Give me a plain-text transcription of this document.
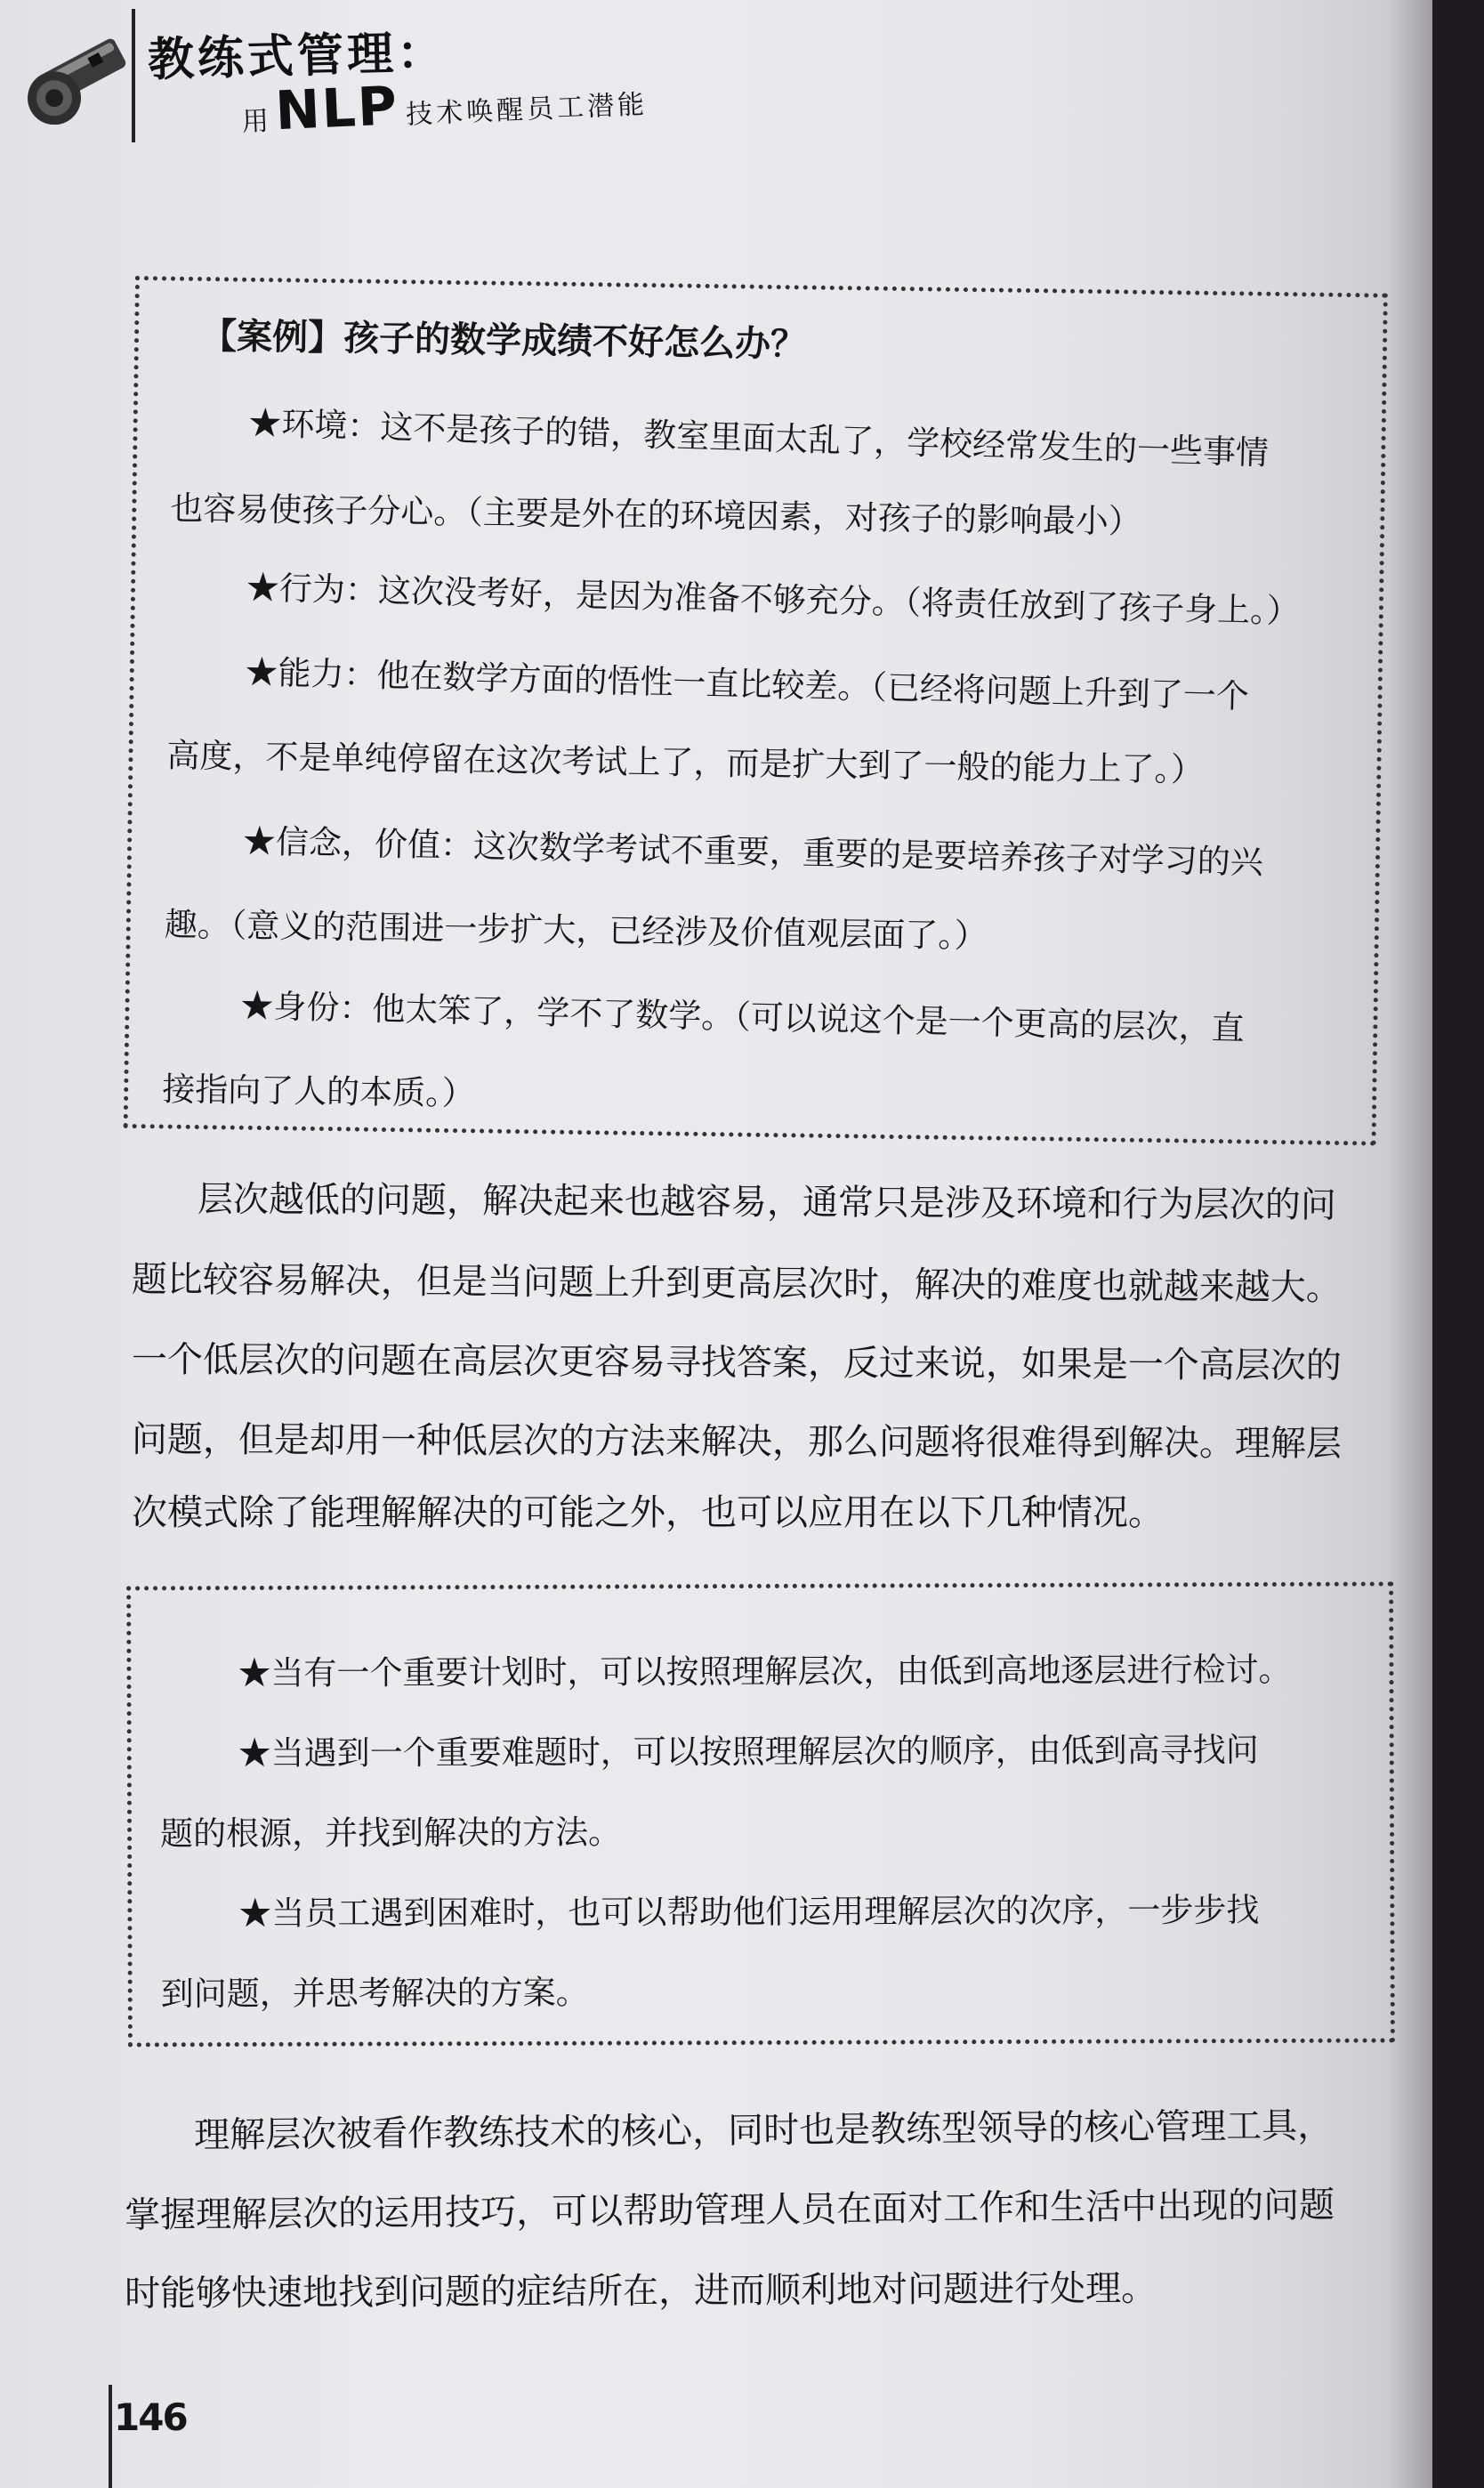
教练式管理：
用NLP 技术唤醒员工潜能
【案例】孩子的数学成绩不好怎么办？
★环境：这不是孩子的错，教室里面太乱了，学校经常发生的一些事情
也容易使孩子分心。（主要是外在的环境因素，对孩子的影响最小）
★行为：这次没考好，是因为准备不够充分。（将责任放到了孩子身上。）
★能力：他在数学方面的悟性一直比较差。（已经将问题上升到了一个
高度，不是单纯停留在这次考试上了，而是扩大到了一般的能力上了。）
★信念，价值：这次数学考试不重要，重要的是要培养孩子对学习的兴
趣。（意义的范围进一步扩大，已经涉及价值观层面了。）
★身份：他太笨了，学不了数学。（可以说这个是一个更高的层次，直
接指向了人的本质。）
层次越低的问题，解决起来也越容易，通常只是涉及环境和行为层次的问
题比较容易解决，但是当问题上升到更高层次时，解决的难度也就越来越大。
一个低层次的问题在高层次更容易寻找答案，反过来说，如果是一个高层次的
问题，但是却用一种低层次的方法来解决，那么问题将很难得到解决。理解层
次模式除了能理解解决的可能之外，也可以应用在以下几种情况。
★当有一个重要计划时，可以按照理解层次，由低到高地逐层进行检讨。
★当遇到一个重要难题时，可以按照理解层次的顺序，由低到高寻找问
题的根源，并找到解决的方法。
★当员工遇到困难时，也可以帮助他们运用理解层次的次序，一步步找
到问题，并思考解决的方案。
理解层次被看作教练技术的核心，同时也是教练型领导的核心管理工具，
掌握理解层次的运用技巧，可以帮助管理人员在面对工作和生活中出现的问题
时能够快速地找到问题的症结所在，进而顺利地对问题进行处理。
146
